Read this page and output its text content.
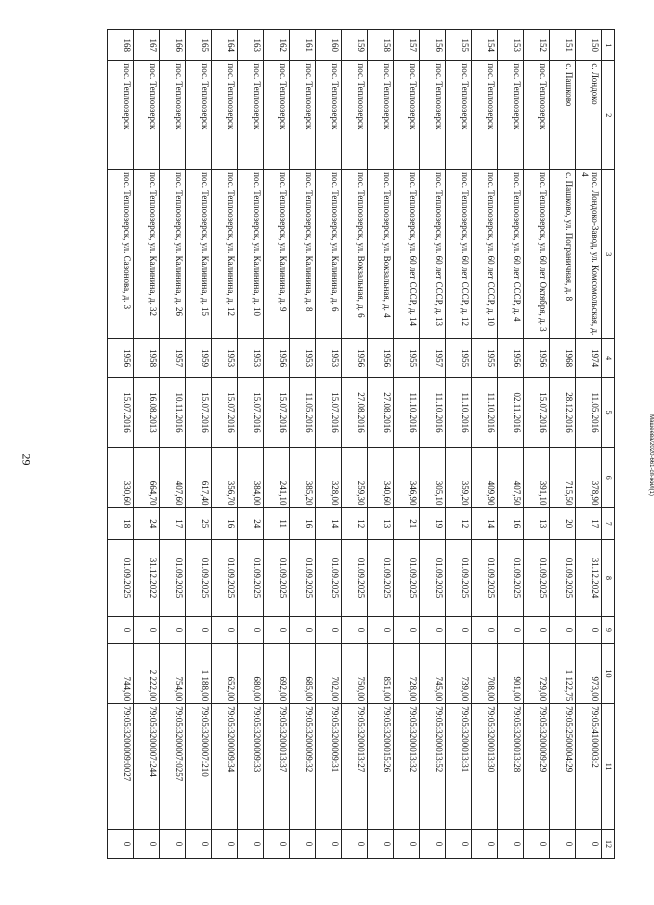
29
1	2	3	4	5	6	7	8	9	10	11	12
150	с. Лондоко	пос. Лондоко-Завод, ул. Комсомольская, д. 4	1974	11.05.2016	378,90	17	31.12.2024	0	973,00	79:05:4100003:2	0
151	с. Пашково	с. Пашково, ул. Пограничная, д. 8	1968	28.12.2016	715,50	20	01.09.2025	0	1 122,75	79:05:2500004:29	0
152	пос. Теплоозерск	пос. Теплоозерск, ул. 60 лет Октября, д. 3	1956	15.07.2016	391,10	13	01.09.2025	0	729,00	79:05:3200009:29	0
153	пос. Теплоозерск	пос. Теплоозерск, ул. 60 лет СССР, д. 4	1956	02.11.2016	407,50	16	01.09.2025	0	901,00	79:05:3200013:28	0
154	пос. Теплоозерск	пос. Теплоозерск, ул. 60 лет СССР, д. 10	1955	11.10.2016	409,90	14	01.09.2025	0	708,00	79:05:3200013:30	0
155	пос. Теплоозерск	пос. Теплоозерск, ул. 60 лет СССР, д. 12	1955	11.10.2016	359,20	12	01.09.2025	0	739,00	79:05:3200013:31	0
156	пос. Теплоозерск	пос. Теплоозерск, ул. 60 лет СССР, д. 13	1957	11.10.2016	305,10	19	01.09.2025	0	745,00	79:05:3200013:52	0
157	пос. Теплоозерск	пос. Теплоозерск, ул. 60 лет СССР, д. 14	1955	11.10.2016	346,90	21	01.09.2025	0	728,00	79:05:3200013:32	0
158	пос. Теплоозерск	пос. Теплоозерск, ул. Вокзальная, д. 4	1956	27.08.2016	340,60	13	01.09.2025	0	851,00	79:05:3200015:26	0
159	пос. Теплоозерск	пос. Теплоозерск, ул. Вокзальная, д. 6	1956	27.08.2016	259,30	12	01.09.2025	0	750,00	79:05:3200013:27	0
160	пос. Теплоозерск	пос. Теплоозерск, ул. Калинина, д. 6	1953	15.07.2016	328,00	14	01.09.2025	0	702,00	79:05:3200009:31	0
161	пос. Теплоозерск	пос. Теплоозерск, ул. Калинина, д. 8	1953	11.05.2016	385,20	16	01.09.2025	0	685,00	79:05:3200009:32	0
162	пос. Теплоозерск	пос. Теплоозерск, ул. Калинина, д. 9	1956	15.07.2016	241,10	11	01.09.2025	0	692,00	79:05:3200013:37	0
163	пос. Теплоозерск	пос. Теплоозерск, ул. Калинина, д. 10	1953	15.07.2016	384,00	24	01.09.2025	0	680,00	79:05:3200009:33	0
164	пос. Теплоозерск	пос. Теплоозерск, ул. Калинина, д. 12	1953	15.07.2016	356,70	16	01.09.2025	0	652,00	79:05:3200009:34	0
165	пос. Теплоозерск	пос. Теплоозерск, ул. Калинина, д. 15	1959	15.07.2016	617,40	25	01.09.2025	0	1 188,00	79:05:3200007:210	0
166	пос. Теплоозерск	пос. Теплоозерск, ул. Калинина, д. 26	1957	10.11.2016	407,60	17	01.09.2025	0	754,00	79:05:3200007:0257	0
167	пос. Теплоозерск	пос. Теплоозерск, ул. Калинина, д. 32	1958	16.08.2013	664,70	24	31.12.2022	0	2 222,00	79:05:3200007:244	0
168	пос. Теплоозерск	пос. Теплоозерск, ул. Сазонова, д. 3	1956	15.07.2016	330,60	18	01.09.2025	0	744,00	79:05:3200009:0027	0
Машеева/2020-661-сп-жил(1)
